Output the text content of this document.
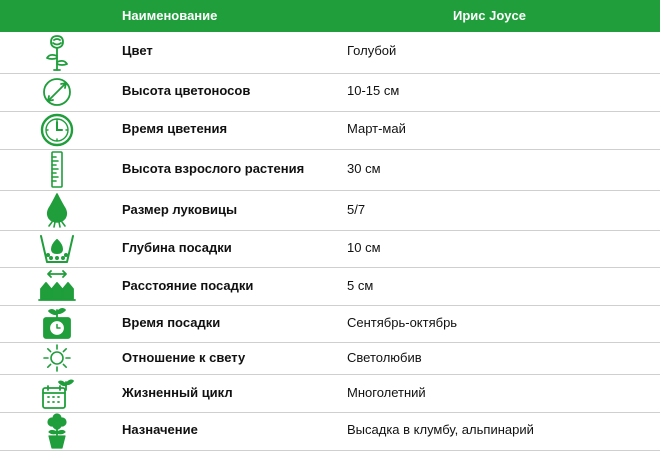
Наименование	Ирис Joyce
Цвет	Голубой
Высота цветоносов	10-15 см
Время цветения	Март-май
Высота взрослого растения	30 см
Размер луковицы	5/7
Глубина посадки	10 см
Расстояние посадки	5 см
Время посадки	Сентябрь-октябрь
Отношение к свету	Светолюбив
Жизненный цикл	Многолетний
Назначение	Высадка в клумбу, альпинарий
